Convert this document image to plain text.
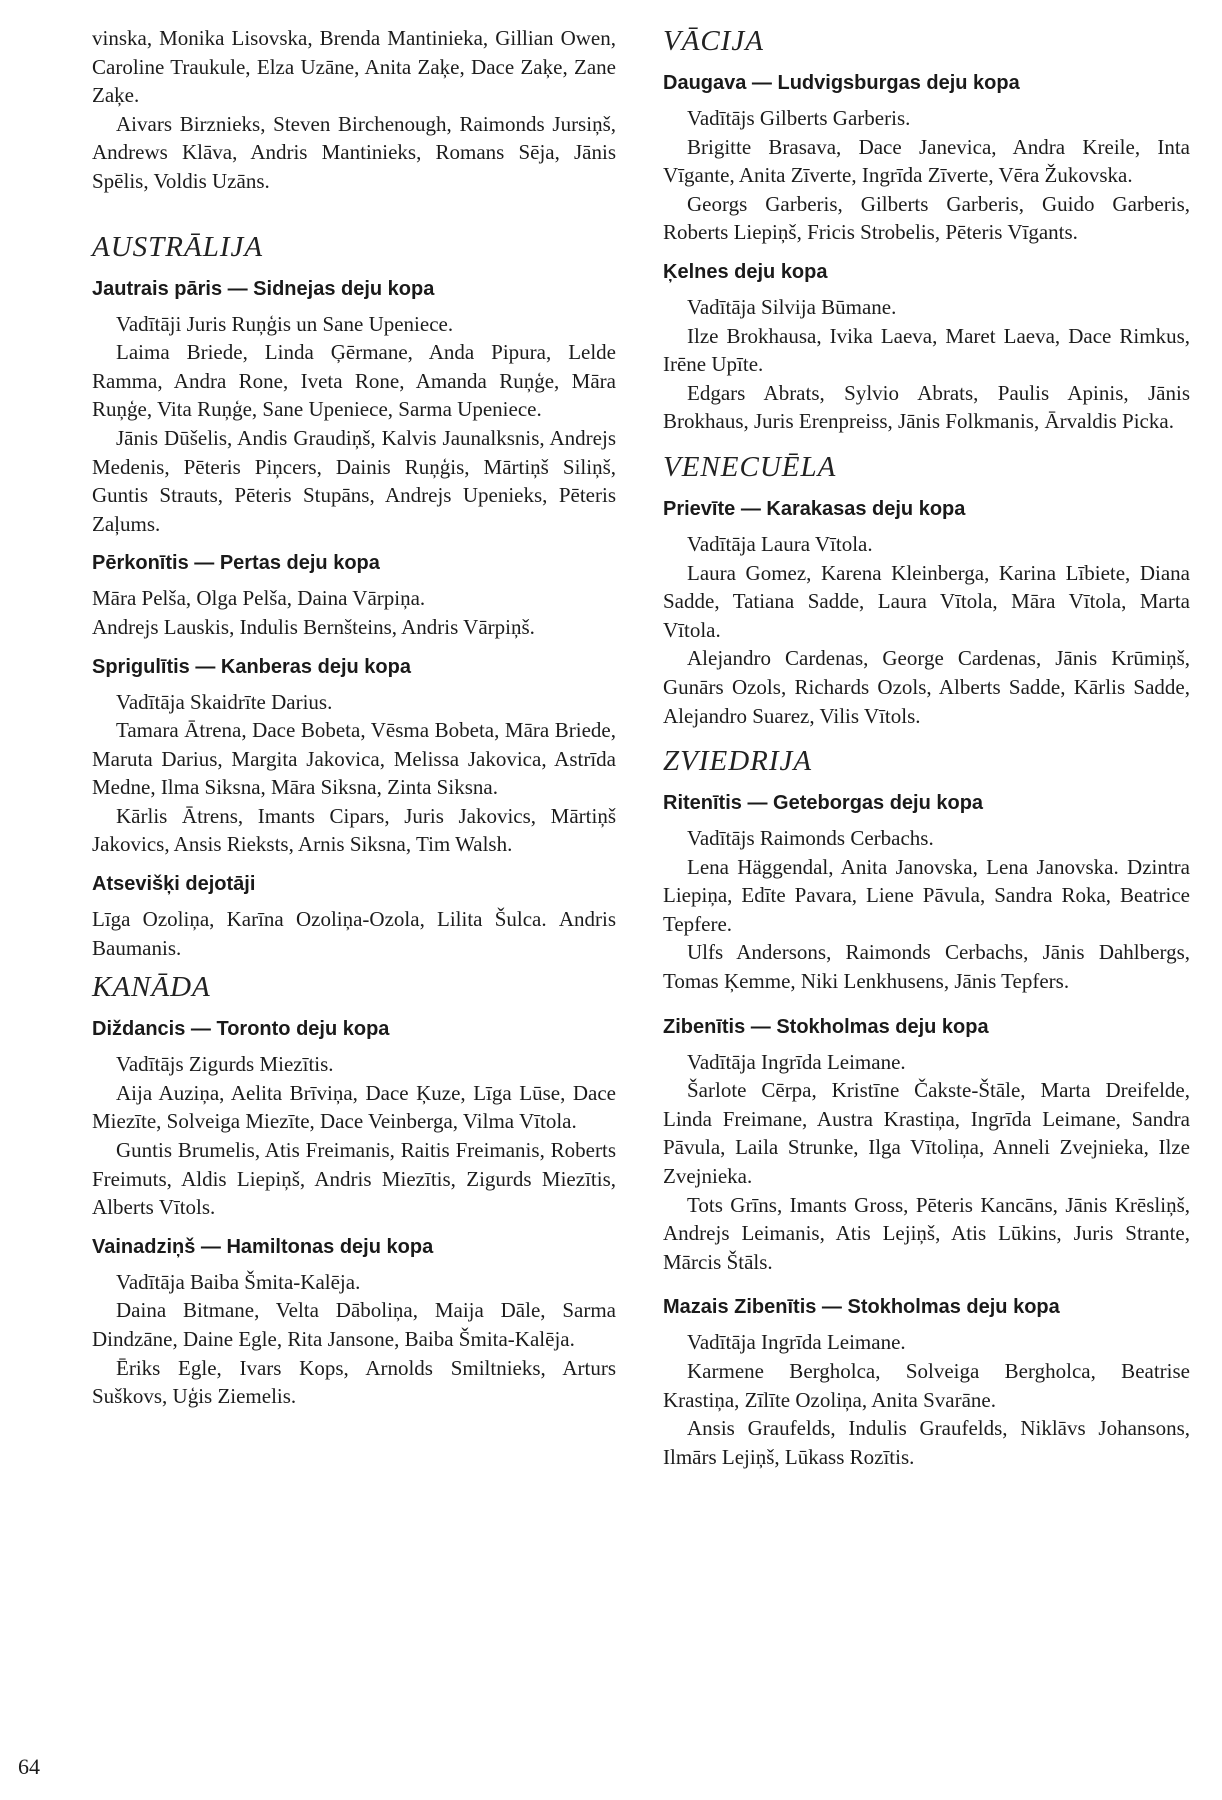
vinska, Monika Lisovska, Brenda Mantinieka, Gillian Owen, Caroline Traukule, Elza Uzāne, Anita Zaķe, Dace Zaķe, Zane Zaķe.

Aivars Birznieks, Steven Birchenough, Raimonds Jursiņš, Andrews Klāva, Andris Mantinieks, Romans Sēja, Jānis Spēlis, Voldis Uzāns.

AUSTRĀLIJA
Jautrais pāris — Sidnejas deju kopa

Vadītāji Juris Ruņģis un Sane Upeniece.

Laima Briede, Linda Ģērmane, Anda Pipura, Lelde Ramma, Andra Rone, Iveta Rone, Amanda Ruņģe, Māra Ruņģe, Vita Ruņģe, Sane Upeniece, Sarma Upeniece.

Jānis Dūšelis, Andis Graudiņš, Kalvis Jaunalksnis, Andrejs Medenis, Pēteris Piņcers, Dainis Ruņģis, Mārtiņš Siliņš, Guntis Strauts, Pēteris Stupāns, Andrejs Upenieks, Pēteris Zaļums.

Pērkonītis — Pertas deju kopa

Māra Pelša, Olga Pelša, Daina Vārpiņa.

Andrejs Lauskis, Indulis Bernšteins, Andris Vārpiņš.

Sprigulītis — Kanberas deju kopa

Vadītāja Skaidrīte Darius.

Tamara Ātrena, Dace Bobeta, Vēsma Bobeta, Māra Briede, Maruta Darius, Margita Jakovica, Melissa Jakovica, Astrīda Medne, Ilma Siksna, Māra Siksna, Zinta Siksna.

Kārlis Ātrens, Imants Cipars, Juris Jakovics, Mārtiņš Jakovics, Ansis Rieksts, Arnis Siksna, Tim Walsh.

Atsevišķi dejotāji

Līga Ozoliņa, Karīna Ozoliņa-Ozola, Lilita Šulca.

Andris Baumanis.

KANĀDA
Diždancis — Toronto deju kopa

Vadītājs Zigurds Miezītis.

Aija Auziņa, Aelita Brīviņa, Dace Ķuze, Līga Lūse, Dace Miezīte, Solveiga Miezīte, Dace Veinberga, Vilma Vītola.

Guntis Brumelis, Atis Freimanis, Raitis Freimanis, Roberts Freimuts, Aldis Liepiņš, Andris Miezītis, Zigurds Miezītis, Alberts Vītols.

Vainadziņš — Hamiltonas deju kopa

Vadītāja Baiba Šmita-Kalēja.

Daina Bitmane, Velta Dāboliņa, Maija Dāle, Sarma Dindzāne, Daine Egle, Rita Jansone, Baiba Šmita-Kalēja.

Ēriks Egle, Ivars Kops, Arnolds Smiltnieks, Arturs Suškovs, Uģis Ziemelis.

VĀCIJA
Daugava — Ludvigsburgas deju kopa

Vadītājs Gilberts Garberis.

Brigitte Brasava, Dace Janevica, Andra Kreile, Inta Vīgante, Anita Zīverte, Ingrīda Zīverte, Vēra Žukovska.

Georgs Garberis, Gilberts Garberis, Guido Garberis, Roberts Liepiņš, Fricis Strobelis, Pēteris Vīgants.

Ķelnes deju kopa

Vadītāja Silvija Būmane.

Ilze Brokhausa, Ivika Laeva, Maret Laeva, Dace Rimkus, Irēne Upīte.

Edgars Abrats, Sylvio Abrats, Paulis Apinis, Jānis Brokhaus, Juris Erenpreiss, Jānis Folkmanis, Ārvaldis Picka.

VENECUĒLA
Prievīte — Karakasas deju kopa

Vadītāja Laura Vītola.

Laura Gomez, Karena Kleinberga, Karina Lībiete, Diana Sadde, Tatiana Sadde, Laura Vītola, Māra Vītola, Marta Vītola.

Alejandro Cardenas, George Cardenas, Jānis Krūmiņš, Gunārs Ozols, Richards Ozols, Alberts Sadde, Kārlis Sadde, Alejandro Suarez, Vilis Vītols.

ZVIEDRIJA
Ritenītis — Geteborgas deju kopa

Vadītājs Raimonds Cerbachs.

Lena Häggendal, Anita Janovska, Lena Janovska. Dzintra Liepiņa, Edīte Pavara, Liene Pāvula, Sandra Roka, Beatrice Tepfere.

Ulfs Andersons, Raimonds Cerbachs, Jānis Dahlbergs, Tomas Ķemme, Niki Lenkhusens, Jānis Tepfers.

Zibenītis — Stokholmas deju kopa

Vadītāja Ingrīda Leimane.

Šarlote Cērpa, Kristīne Čakste-Štāle, Marta Dreifelde, Linda Freimane, Austra Krastiņa, Ingrīda Leimane, Sandra Pāvula, Laila Strunke, Ilga Vītoliņa, Anneli Zvejnieka, Ilze Zvejnieka.

Tots Grīns, Imants Gross, Pēteris Kancāns, Jānis Krēsliņš, Andrejs Leimanis, Atis Lejiņš, Atis Lūkins, Juris Strante, Mārcis Štāls.

Mazais Zibenītis — Stokholmas deju kopa

Vadītāja Ingrīda Leimane.

Karmene Bergholca, Solveiga Bergholca, Beatrise Krastiņa, Zīlīte Ozoliņa, Anita Svarāne.

Ansis Graufelds, Indulis Graufelds, Niklāvs Johansons, Ilmārs Lejiņš, Lūkass Rozītis.

64
